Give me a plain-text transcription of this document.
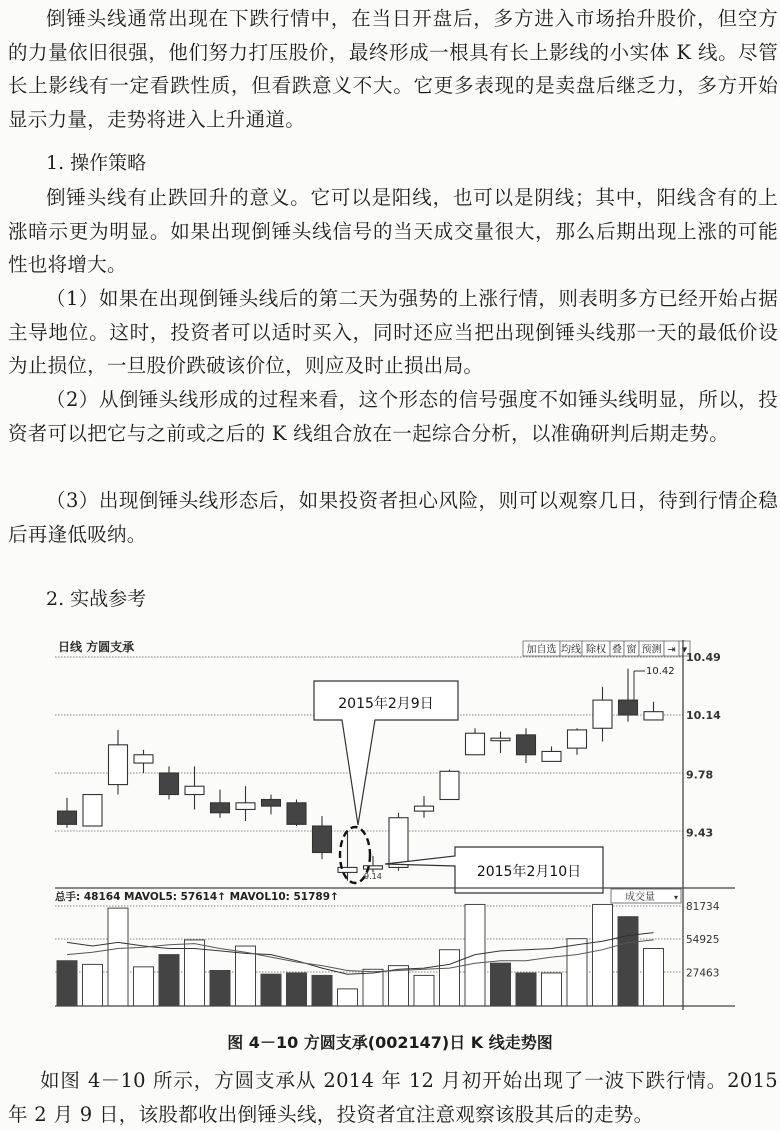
倒锤头线通常出现在下跌行情中，在当日开盘后，多方进入市场抬升股价，但空方的力量依旧很强，他们努力打压股价，最终形成一根具有长上影线的小实体 K 线。尽管长上影线有一定看跌性质，但看跌意义不大。它更多表现的是卖盘后继乏力，多方开始显示力量，走势将进入上升通道。

1. 操作策略

倒锤头线有止跌回升的意义。它可以是阳线，也可以是阴线；其中，阳线含有的上涨暗示更为明显。如果出现倒锤头线信号的当天成交量很大，那么后期出现上涨的可能性也将增大。

（1）如果在出现倒锤头线后的第二天为强势的上涨行情，则表明多方已经开始占据主导地位。这时，投资者可以适时买入，同时还应当把出现倒锤头线那一天的最低价设为止损位，一旦股价跌破该价位，则应及时止损出局。

（2）从倒锤头线形成的过程来看，这个形态的信号强度不如锤头线明显，所以，投资者可以把它与之前或之后的 K 线组合放在一起综合分析，以准确研判后期走势。

（3）出现倒锤头线形态后，如果投资者担心风险，则可以观察几日，待到行情企稳后再逢低吸纳。

2. 实战参考

日线 方圆支承	加自选 均线 除权 叠 窗 预测 ⇥ ▾
10.49
10.14
9.78
9.43
10.42
2015年2月9日
2015年2月10日
9.14
总手: 48164 MAVOL5: 57614↑ MAVOL10: 51789↑	成交量 ▾
81734
54925
27463
图 4－10 方圆支承(002147)日 K 线走势图

如图 4－10 所示，方圆支承从 2014 年 12 月初开始出现了一波下跌行情。2015 年 2 月 9 日，该股都收出倒锤头线，投资者宜注意观察该股其后的走势。
